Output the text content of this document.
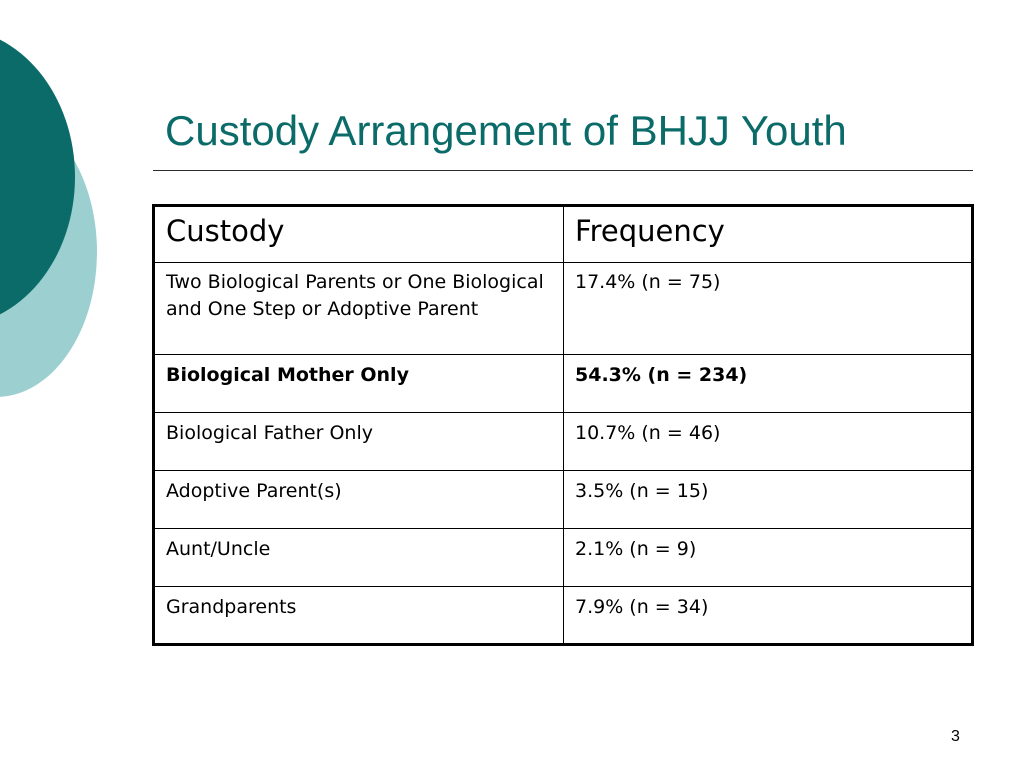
Custody Arrangement of BHJJ Youth
Custody	Frequency
Two Biological Parents or One Biological and One Step or Adoptive Parent	17.4% (n = 75)
Biological Mother Only	54.3% (n = 234)
Biological Father Only	10.7% (n = 46)
Adoptive Parent(s)	3.5% (n = 15)
Aunt/Uncle	2.1% (n = 9)
Grandparents	7.9% (n = 34)
3
